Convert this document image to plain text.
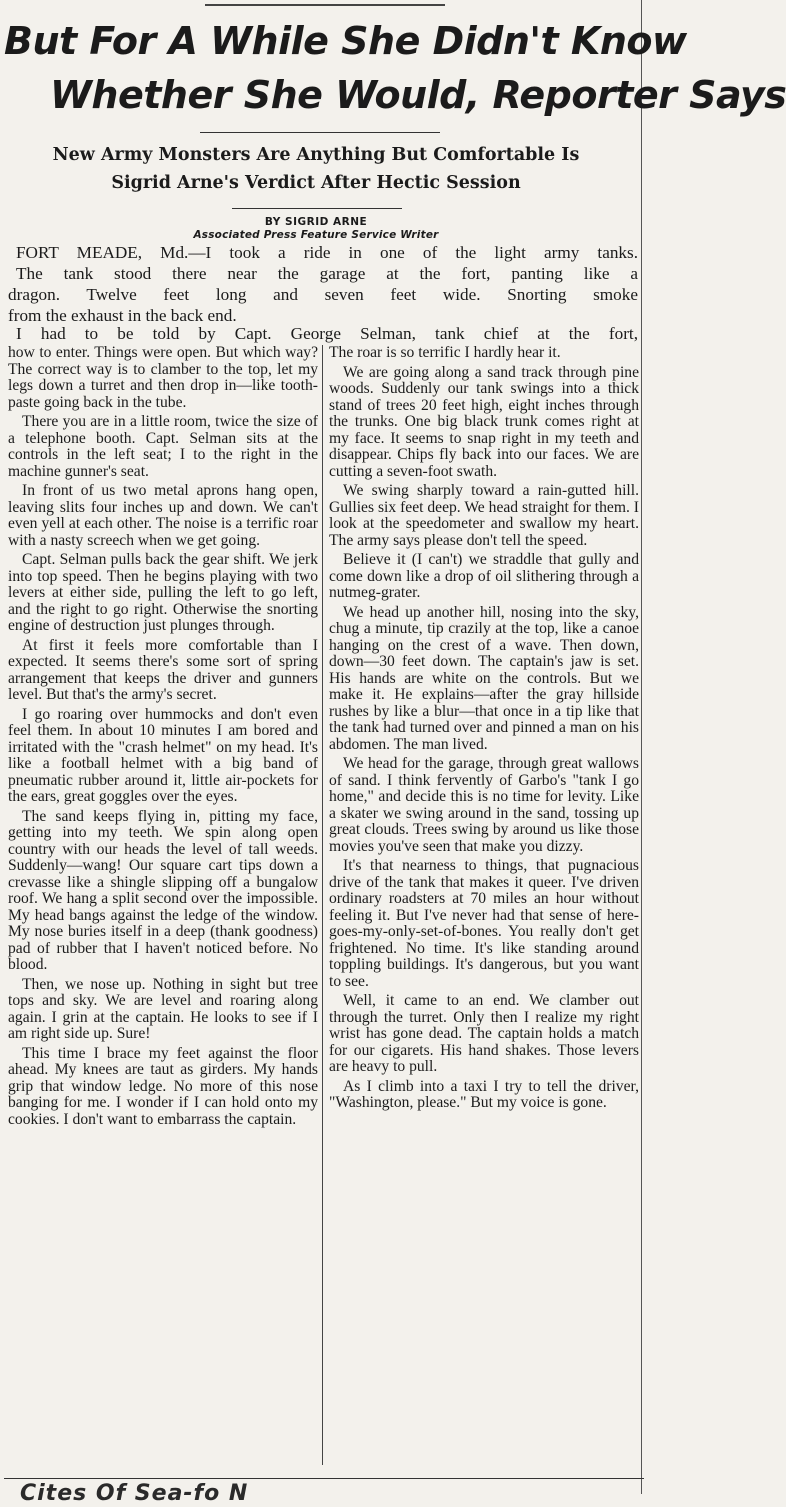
But For A While She Didn't Know
Whether She Would, Reporter Says
New Army Monsters Are Anything But Comfortable Is
Sigrid Arne's Verdict After Hectic Session
BY SIGRID ARNE
Associated Press Feature Service Writer
FORT MEADE, Md.—I took a ride in one of the light army tanks.
The tank stood there near the garage at the fort, panting like a
dragon. Twelve feet long and seven feet wide. Snorting smoke
from the exhaust in the back end.
I had to be told by Capt. George Selman, tank chief at the fort,

how to enter. Things were open. But which way? The correct way is to clamber to the top, let my legs down a turret and then drop in—like tooth-paste going back in the tube.

There you are in a little room, twice the size of a telephone booth. Capt. Selman sits at the controls in the left seat; I to the right in the machine gunner's seat.

In front of us two metal aprons hang open, leaving slits four inches up and down. We can't even yell at each other. The noise is a terrific roar with a nasty screech when we get going.

Capt. Selman pulls back the gear shift. We jerk into top speed. Then he begins playing with two levers at either side, pulling the left to go left, and the right to go right. Otherwise the snorting engine of destruction just plunges through.

At first it feels more comfortable than I expected. It seems there's some sort of spring arrangement that keeps the driver and gunners level. But that's the army's secret.

I go roaring over hummocks and don't even feel them. In about 10 minutes I am bored and irritated with the "crash helmet" on my head. It's like a football helmet with a big band of pneumatic rubber around it, little air-pockets for the ears, great goggles over the eyes.

The sand keeps flying in, pitting my face, getting into my teeth. We spin along open country with our heads the level of tall weeds. Suddenly—wang! Our square cart tips down a crevasse like a shingle slipping off a bungalow roof. We hang a split second over the impossible. My head bangs against the ledge of the window. My nose buries itself in a deep (thank goodness) pad of rubber that I haven't noticed before. No blood.

Then, we nose up. Nothing in sight but tree tops and sky. We are level and roaring along again. I grin at the captain. He looks to see if I am right side up. Sure!

This time I brace my feet against the floor ahead. My knees are taut as girders. My hands grip that window ledge. No more of this nose banging for me. I wonder if I can hold onto my cookies. I don't want to embarrass the captain.

The roar is so terrific I hardly hear it.

We are going along a sand track through pine woods. Suddenly our tank swings into a thick stand of trees 20 feet high, eight inches through the trunks. One big black trunk comes right at my face. It seems to snap right in my teeth and disappear. Chips fly back into our faces. We are cutting a seven-foot swath.

We swing sharply toward a rain-gutted hill. Gullies six feet deep. We head straight for them. I look at the speedometer and swallow my heart. The army says please don't tell the speed.

Believe it (I can't) we straddle that gully and come down like a drop of oil slithering through a nutmeg-grater.

We head up another hill, nosing into the sky, chug a minute, tip crazily at the top, like a canoe hanging on the crest of a wave. Then down, down—30 feet down. The captain's jaw is set. His hands are white on the controls. But we make it. He explains—after the gray hillside rushes by like a blur—that once in a tip like that the tank had turned over and pinned a man on his abdomen. The man lived.

We head for the garage, through great wallows of sand. I think fervently of Garbo's "tank I go home," and decide this is no time for levity. Like a skater we swing around in the sand, tossing up great clouds. Trees swing by around us like those movies you've seen that make you dizzy.

It's that nearness to things, that pugnacious drive of the tank that makes it queer. I've driven ordinary roadsters at 70 miles an hour without feeling it. But I've never had that sense of here-goes-my-only-set-of-bones. You really don't get frightened. No time. It's like standing around toppling buildings. It's dangerous, but you want to see.

Well, it came to an end. We clamber out through the turret. Only then I realize my right wrist has gone dead. The captain holds a match for our cigarets. His hand shakes. Those levers are heavy to pull.

As I climb into a taxi I try to tell the driver, "Washington, please." But my voice is gone.

Cites Of Sea-fo N
